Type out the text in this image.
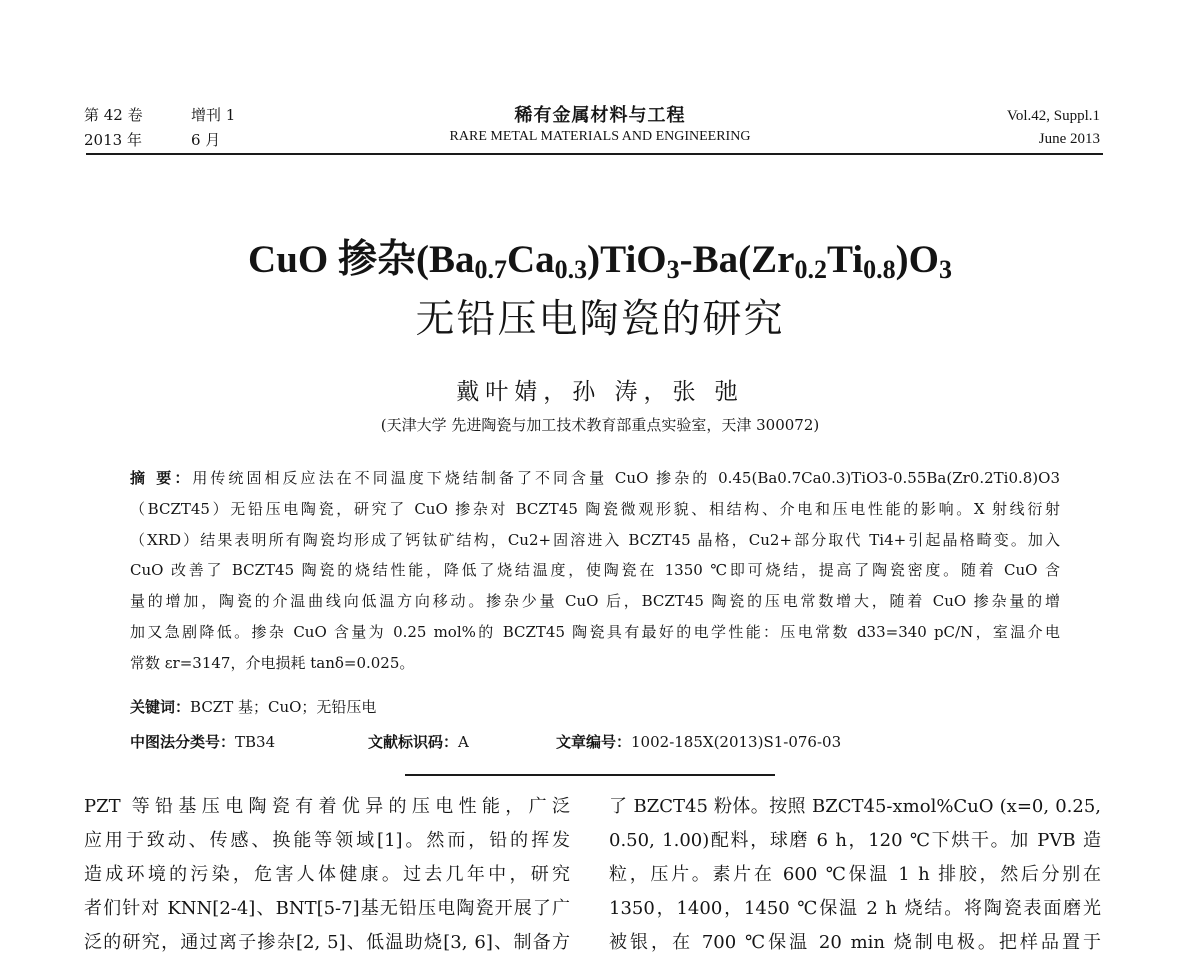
第 42 卷	增刊 1
2013 年	6 月
稀有金属材料与工程
RARE METAL MATERIALS AND ENGINEERING
Vol.42, Suppl.1
June 2013
CuO 掺杂$(Ba_{0.7}Ca_{0.3})TiO_3-Ba(Zr_{0.2}Ti_{0.8})O_3$
无铅压电陶瓷的研究
戴叶婧，孙 涛，张 弛
(天津大学 先进陶瓷与加工技术教育部重点实验室，天津 300072)
摘 要：用传统固相反应法在不同温度下烧结制备了不同含量 CuO 掺杂的 0.45(Ba0.7Ca0.3)TiO3-0.55Ba(Zr0.2Ti0.8)O3
（BCZT45）无铅压电陶瓷，研究了 CuO 掺杂对 BCZT45 陶瓷微观形貌、相结构、介电和压电性能的影响。X 射线衍射
（XRD）结果表明所有陶瓷均形成了钙钛矿结构，Cu2+固溶进入 BCZT45 晶格，Cu2+部分取代 Ti4+引起晶格畸变。加入
CuO 改善了 BCZT45 陶瓷的烧结性能，降低了烧结温度，使陶瓷在 1350 ℃即可烧结，提高了陶瓷密度。随着 CuO 含
量的增加，陶瓷的介温曲线向低温方向移动。掺杂少量 CuO 后，BCZT45 陶瓷的压电常数增大，随着 CuO 掺杂量的增
加又急剧降低。掺杂 CuO 含量为 0.25 mol%的 BCZT45 陶瓷具有最好的电学性能：压电常数 d33=340 pC/N，室温介电
常数 εr=3147，介电损耗 tanδ=0.025。
关键词：BCZT 基；CuO；无铅压电
中图法分类号：TB34	文献标识码：A	文章编号：1002-185X(2013)S1-076-03
PZT 等铅基压电陶瓷有着优异的压电性能，广泛
应用于致动、传感、换能等领域[1]。然而，铅的挥发
造成环境的污染，危害人体健康。过去几年中，研究
者们针对 KNN[2-4]、BNT[5-7]基无铅压电陶瓷开展了广
泛的研究，通过离子掺杂[2, 5]、低温助烧[3, 6]、制备方
了 BZCT45 粉体。按照 BZCT45-xmol%CuO (x=0, 0.25,
0.50, 1.00)配料，球磨 6 h，120 ℃下烘干。加 PVB 造
粒，压片。素片在 600 ℃保温 1 h 排胶，然后分别在
1350，1400，1450 ℃保温 2 h 烧结。将陶瓷表面磨光
被银，在 700 ℃保温 20 min 烧制电极。把样品置于
